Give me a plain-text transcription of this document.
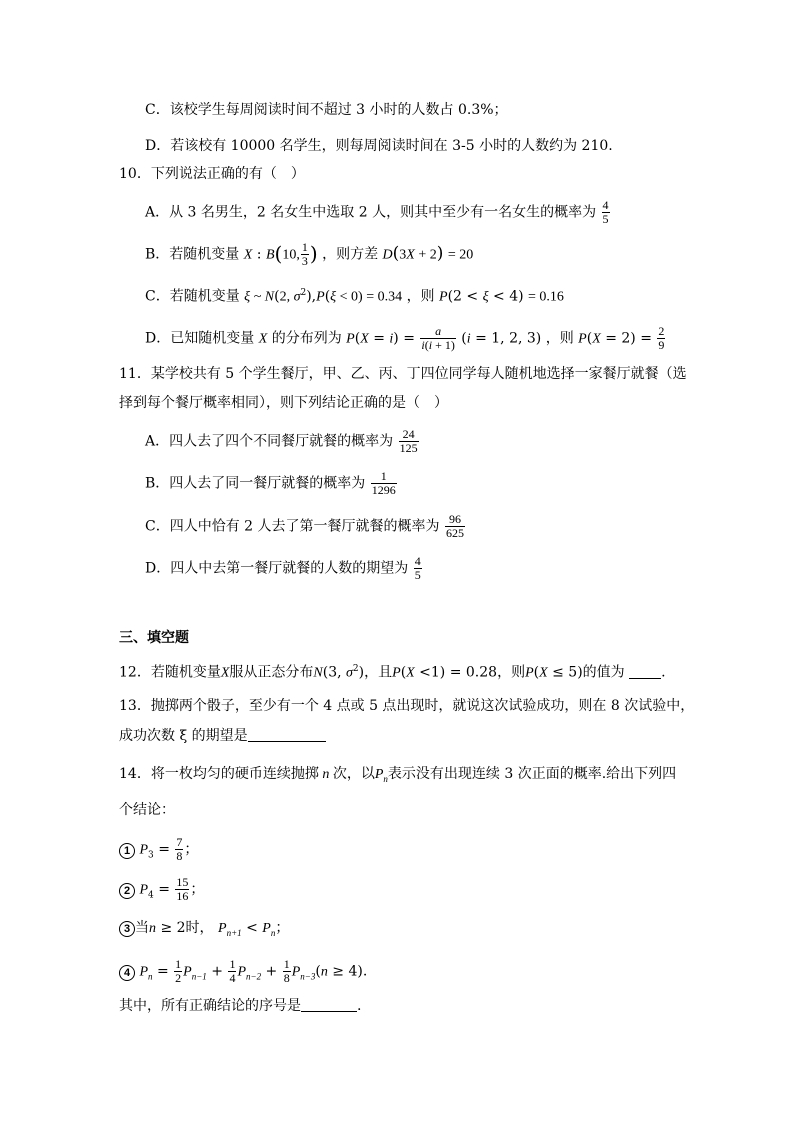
C．该校学生每周阅读时间不超过 3 小时的人数占 0.3%；
D．若该校有 10000 名学生，则每周阅读时间在 3-5 小时的人数约为 210.
10．下列说法正确的有（　）
A．从 3 名男生，2 名女生中选取 2 人，则其中至少有一名女生的概率为 $\frac{4}{5}$
B．若随机变量 X : B(10, $\frac{1}{3}$ ) ，则方差 D(3X + 2) = 20
C．若随机变量 ξ ~ N(2, $\sigma^2),P(\xi < 0) = 0.34$ ，则 P(2 < ξ < 4) = 0.16
D．已知随机变量 X 的分布列为 $P(X = i) = \frac{a}{i(i + 1)} (i = 1$, 2, 3) ，则 $P(X = 2) = \frac{2}{9}$
11．某学校共有 5 个学生餐厅，甲、乙、丙、丁四位同学每人随机地选择一家餐厅就餐（选
择到每个餐厅概率相同），则下列结论正确的是（　）
A．四人去了四个不同餐厅就餐的概率为 $\frac{24}{125}$
B．四人去了同一餐厅就餐的概率为 $\frac{1}{1296}$
C．四人中恰有 2 人去了第一餐厅就餐的概率为 $\frac{96}{625}$
D．四人中去第一餐厅就餐的人数的期望为 $\frac{4}{5}$
三、填空题
12．若随机变量X服从正态分布N(3, $\sigma^2$)，且P(X <1) = 0.28，则P(X ≤ 5)的值为	.
13．抛掷两个骰子，至少有一个 4 点或 5 点出现时，就说这次试验成功，则在 8 次试验中，
成功次数 ξ 的期望是
14．将一枚均匀的硬币连续抛掷 n 次，以$P_n$表示没有出现连续 3 次正面的概率.给出下列四
个结论：
1 $P_3 = \frac{7}{8}$ ；
2 $P_4 = \frac{15}{16}$ ；
3 当n ≥ 2时， $P_{n+1} < P_n$；
4 $P_n = \frac{1}{2} P_{n-1} + \frac{1}{4} P_{n-2} + \frac{1}{8} P_{n-3}(n \ge 4)$.
其中，所有正确结论的序号是	.
